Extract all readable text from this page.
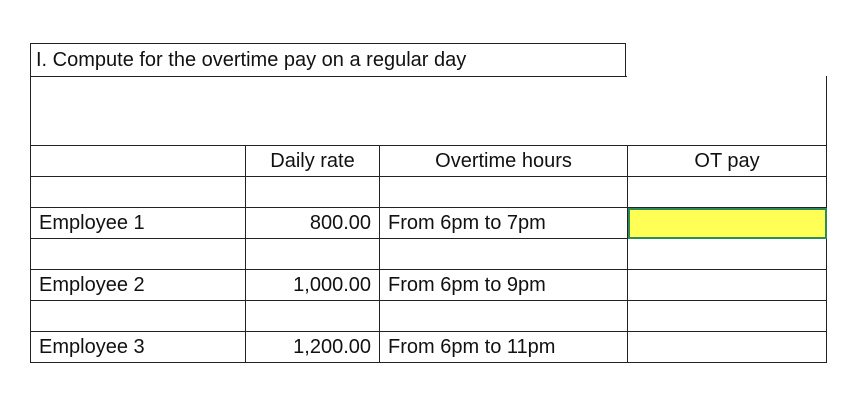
I. Compute for the overtime pay on a regular day
	Daily rate	Overtime hours	OT pay

Employee 1	800.00	From 6pm to 7pm	

Employee 2	1,000.00	From 6pm to 9pm	

Employee 3	1,200.00	From 6pm to 11pm	
